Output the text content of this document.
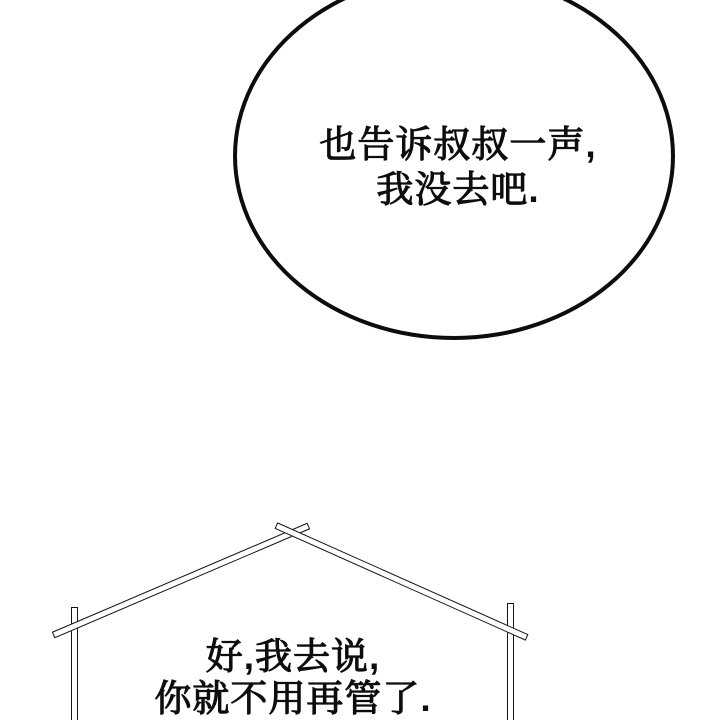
也告诉叔叔一声,
我没去吧.
好,我去说,
你就不用再管了.
